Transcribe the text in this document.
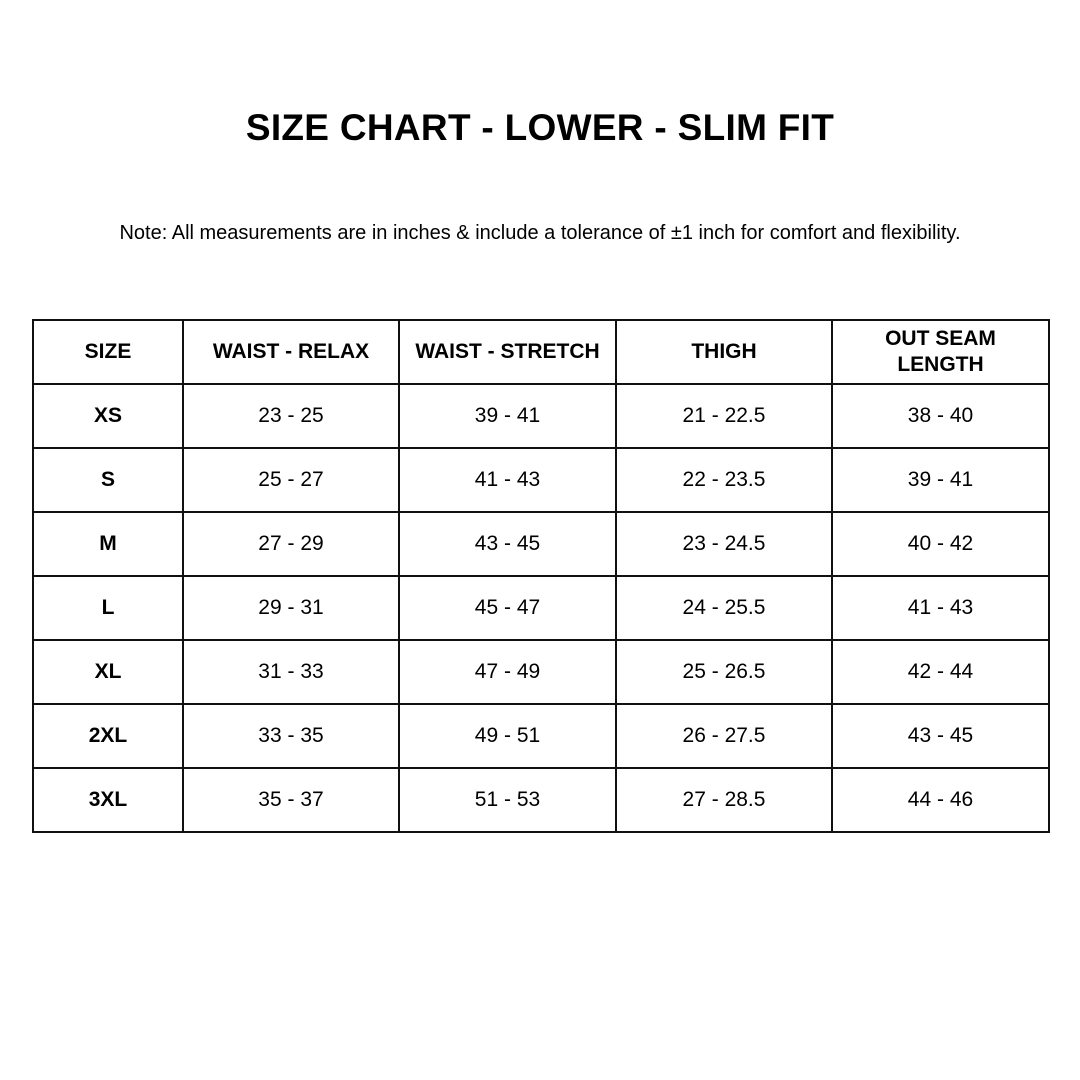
SIZE CHART - LOWER - SLIM FIT
Note: All measurements are in inches & include a tolerance of ±1 inch for comfort and flexibility.
SIZE	WAIST - RELAX	WAIST - STRETCH	THIGH	OUT SEAM LENGTH
XS	23 - 25	39 - 41	21 - 22.5	38 - 40
S	25 - 27	41 - 43	22 - 23.5	39 - 41
M	27 - 29	43 - 45	23 - 24.5	40 - 42
L	29 - 31	45 - 47	24 - 25.5	41 - 43
XL	31 - 33	47 - 49	25 - 26.5	42 - 44
2XL	33 - 35	49 - 51	26 - 27.5	43 - 45
3XL	35 - 37	51 - 53	27 - 28.5	44 - 46
